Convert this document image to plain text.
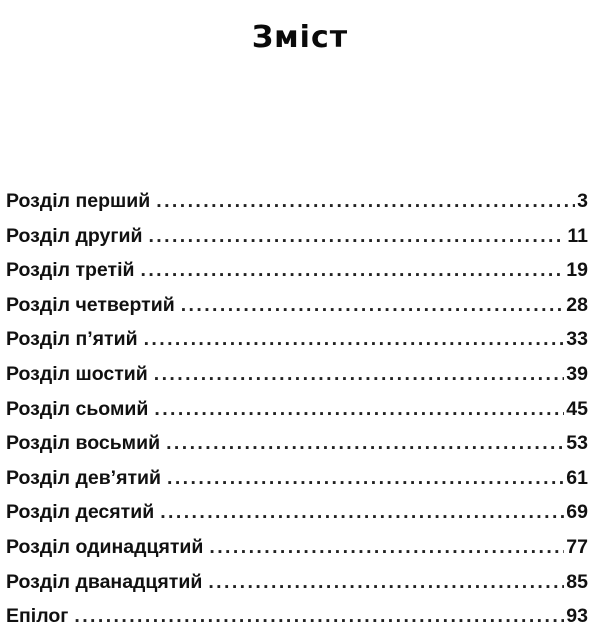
Зміст
Розділ перший . . .	3
Розділ другий . . .	11
Розділ третій . . .	19
Розділ четвертий . . .	28
Розділ п’ятий . . .	33
Розділ шостий . . .	39
Розділ сьомий . . .	45
Розділ восьмий . . .	53
Розділ дев’ятий . . .	61
Розділ десятий . . .	69
Розділ одинадцятий . . .	77
Розділ дванадцятий . . .	85
Епілог . . .	93
